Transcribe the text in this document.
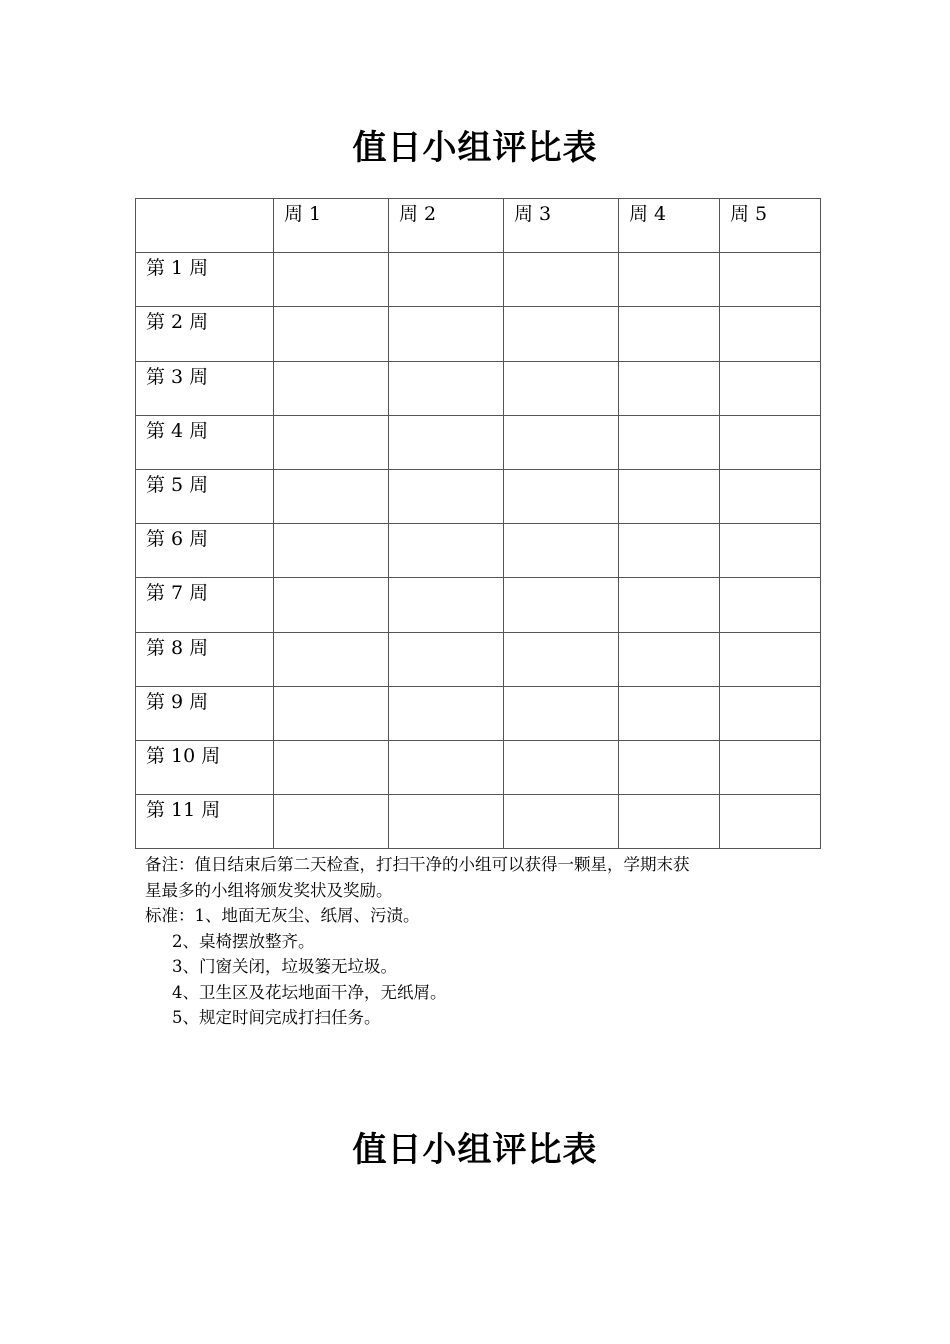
值日小组评比表
	周 1	周 2	周 3	周 4	周 5
第 1 周					
第 2 周					
第 3 周					
第 4 周					
第 5 周					
第 6 周					
第 7 周					
第 8 周					
第 9 周					
第 10 周					
第 11 周					

备注：值日结束后第二天检查，打扫干净的小组可以获得一颗星，学期末获

星最多的小组将颁发奖状及奖励。

标准：1、地面无灰尘、纸屑、污渍。

2、桌椅摆放整齐。

3、门窗关闭，垃圾篓无垃圾。

4、卫生区及花坛地面干净，无纸屑。

5、规定时间完成打扫任务。

值日小组评比表
